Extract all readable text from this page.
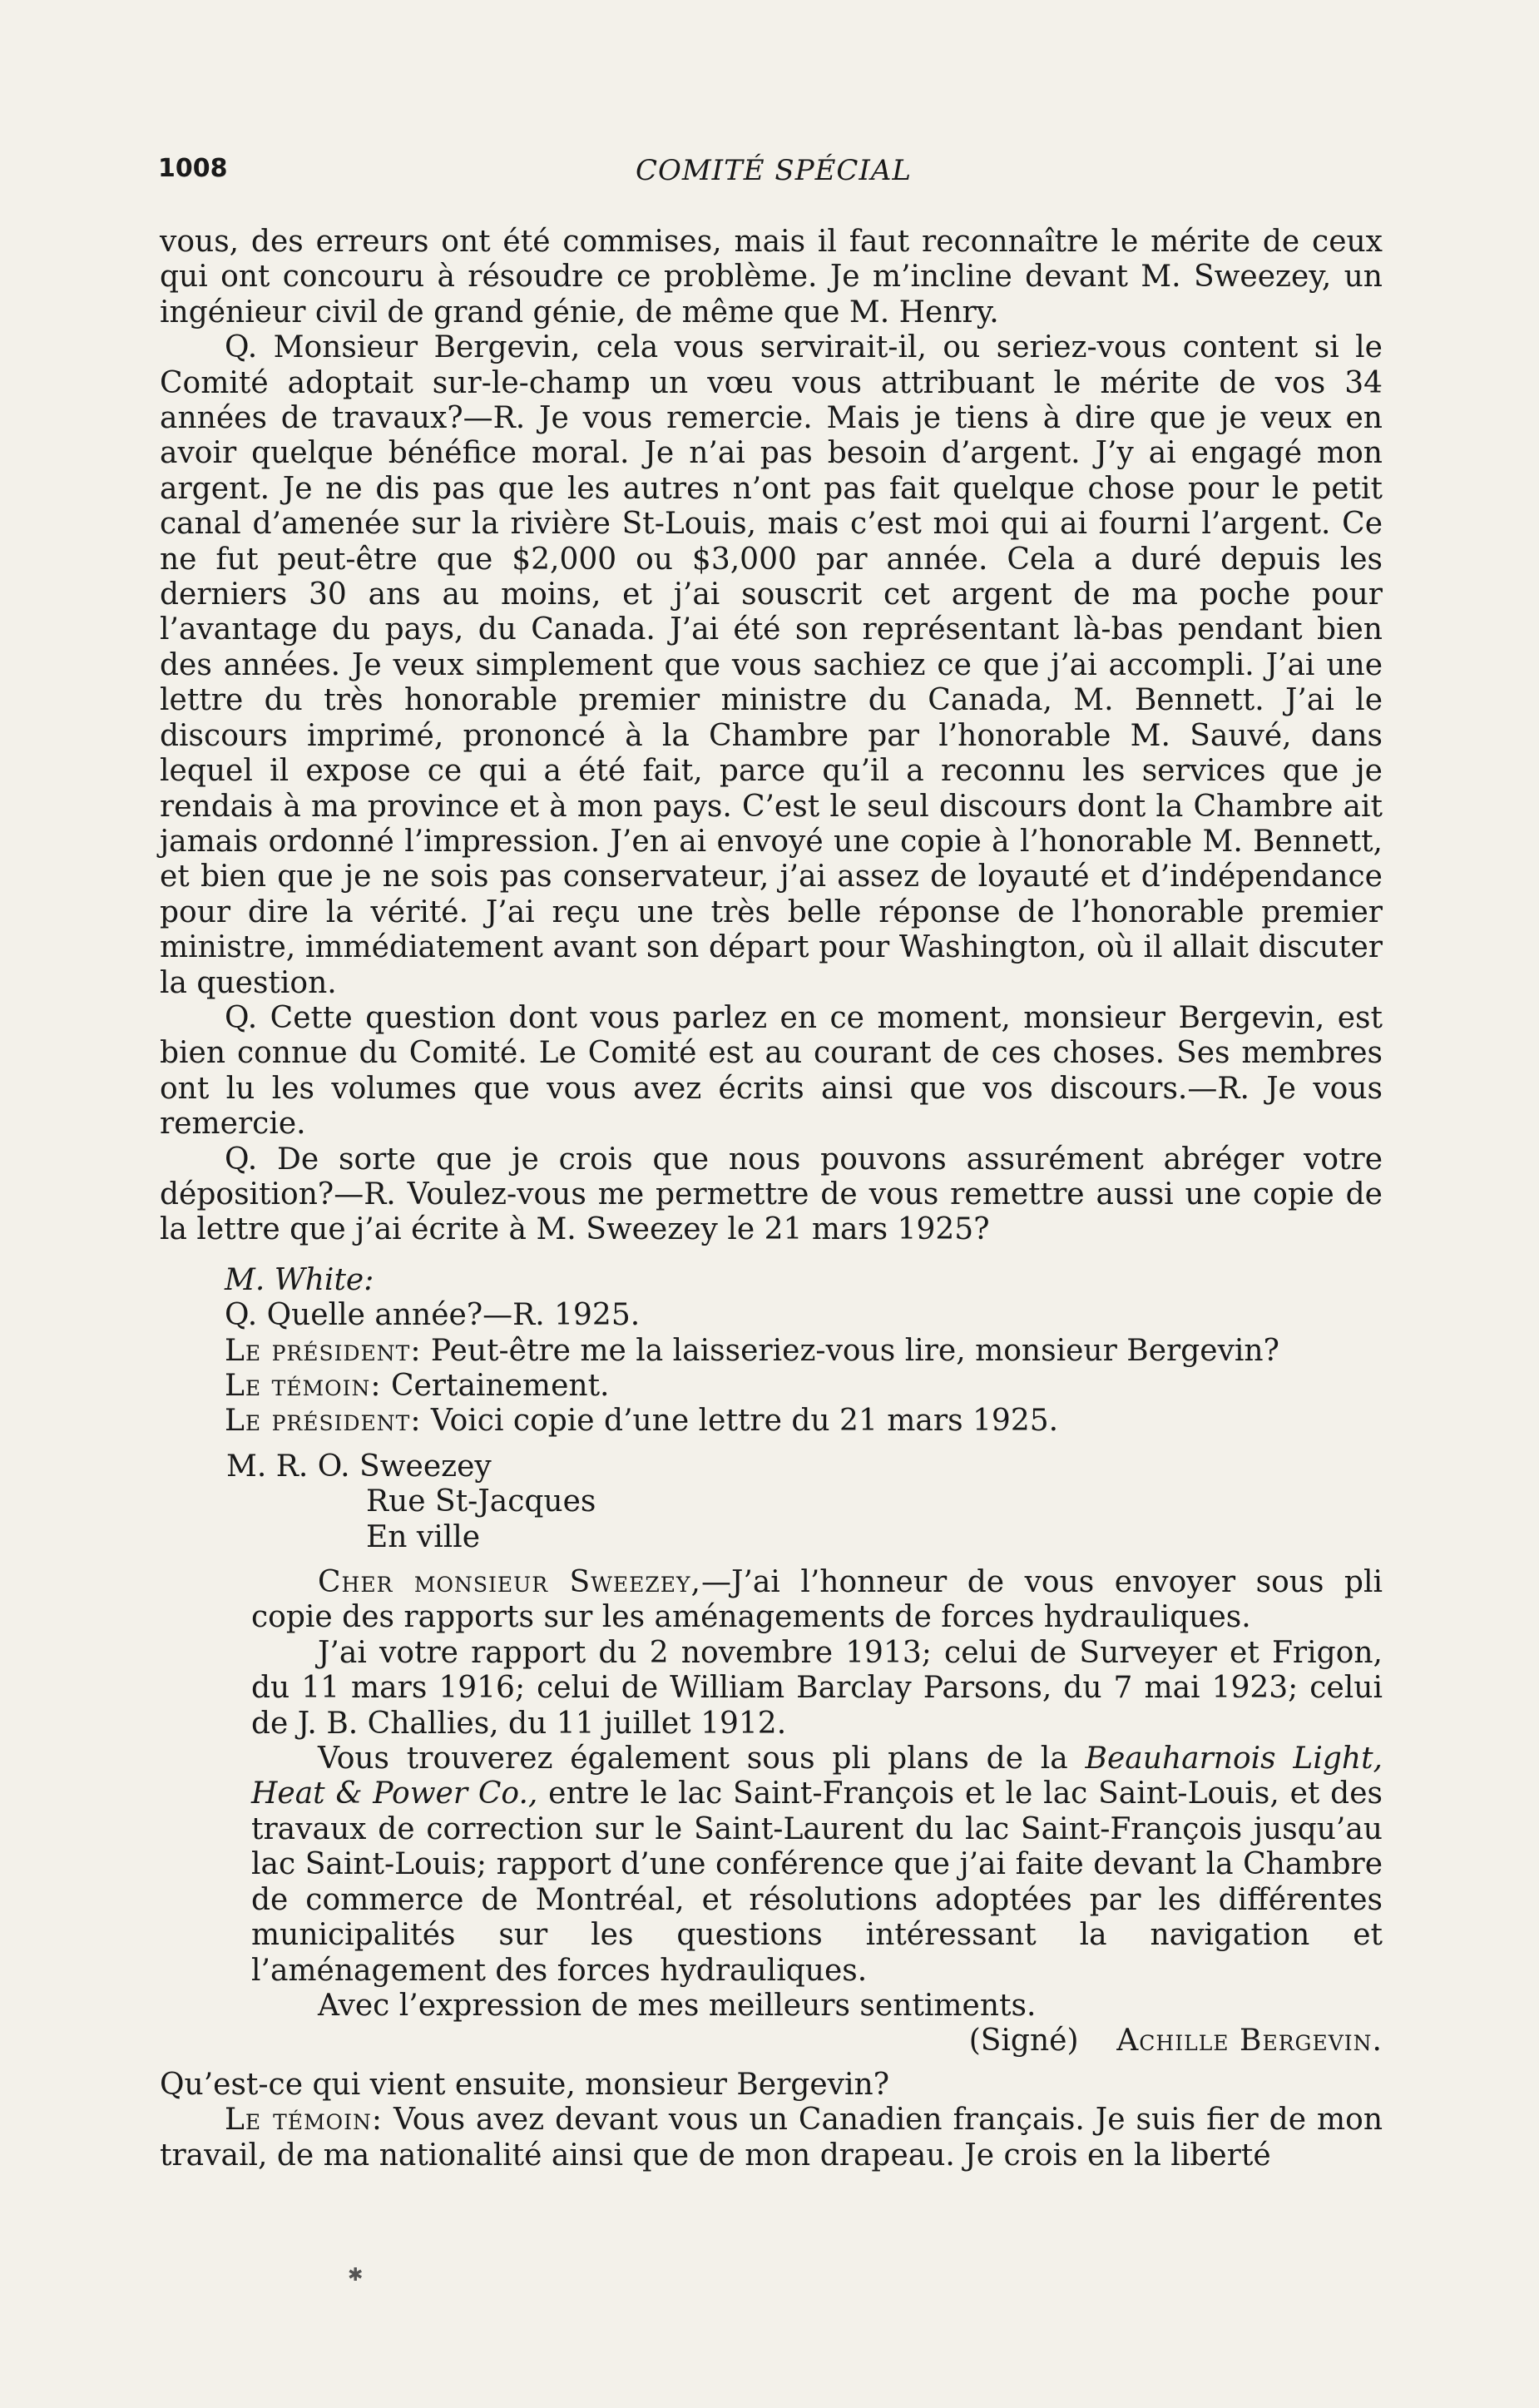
1008	COMITÉ SPÉCIAL

vous, des erreurs ont été commises, mais il faut reconnaître le mérite de ceux qui ont concouru à résoudre ce problème. Je m’incline devant M. Sweezey, un ingénieur civil de grand génie, de même que M. Henry.

Q. Monsieur Bergevin, cela vous servirait-il, ou seriez-vous content si le Comité adoptait sur-le-champ un vœu vous attribuant le mérite de vos 34 années de travaux?—R. Je vous remercie. Mais je tiens à dire que je veux en avoir quelque bénéfice moral. Je n’ai pas besoin d’argent. J’y ai engagé mon argent. Je ne dis pas que les autres n’ont pas fait quelque chose pour le petit canal d’amenée sur la rivière St-Louis, mais c’est moi qui ai fourni l’argent. Ce ne fut peut-être que $2,000 ou $3,000 par année. Cela a duré depuis les derniers 30 ans au moins, et j’ai souscrit cet argent de ma poche pour l’avantage du pays, du Canada. J’ai été son représentant là-bas pendant bien des années. Je veux simplement que vous sachiez ce que j’ai accompli. J’ai une lettre du très honorable premier ministre du Canada, M. Bennett. J’ai le discours imprimé, prononcé à la Chambre par l’honorable M. Sauvé, dans lequel il expose ce qui a été fait, parce qu’il a reconnu les services que je rendais à ma province et à mon pays. C’est le seul discours dont la Chambre ait jamais ordonné l’impression. J’en ai envoyé une copie à l’honorable M. Bennett, et bien que je ne sois pas conservateur, j’ai assez de loyauté et d’indépendance pour dire la vérité. J’ai reçu une très belle réponse de l’honorable premier ministre, immédiatement avant son départ pour Washington, où il allait discuter la question.

Q. Cette question dont vous parlez en ce moment, monsieur Bergevin, est bien connue du Comité. Le Comité est au courant de ces choses. Ses membres ont lu les volumes que vous avez écrits ainsi que vos discours.—R. Je vous remercie.

Q. De sorte que je crois que nous pouvons assurément abréger votre déposition?—R. Voulez-vous me permettre de vous remettre aussi une copie de la lettre que j’ai écrite à M. Sweezey le 21 mars 1925?

M. White:

Q. Quelle année?—R. 1925.

Le président: Peut-être me la laisseriez-vous lire, monsieur Bergevin?

Le témoin: Certainement.

Le président: Voici copie d’une lettre du 21 mars 1925.

M. R. O. Sweezey

Rue St-Jacques

En ville

Cher monsieur Sweezey,—J’ai l’honneur de vous envoyer sous pli copie des rapports sur les aménagements de forces hydrauliques.

J’ai votre rapport du 2 novembre 1913; celui de Surveyer et Frigon, du 11 mars 1916; celui de William Barclay Parsons, du 7 mai 1923; celui de J. B. Challies, du 11 juillet 1912.

Vous trouverez également sous pli plans de la Beauharnois Light, Heat & Power Co., entre le lac Saint-François et le lac Saint-Louis, et des travaux de correction sur le Saint-Laurent du lac Saint-François jusqu’au lac Saint-Louis; rapport d’une conférence que j’ai faite devant la Chambre de commerce de Montréal, et résolutions adoptées par les différentes municipalités sur les questions intéressant la navigation et l’aménagement des forces hydrauliques.

Avec l’expression de mes meilleurs sentiments.

(Signé) Achille Bergevin.

Qu’est-ce qui vient ensuite, monsieur Bergevin?

Le témoin: Vous avez devant vous un Canadien français. Je suis fier de mon travail, de ma nationalité ainsi que de mon drapeau. Je crois en la liberté

✱
